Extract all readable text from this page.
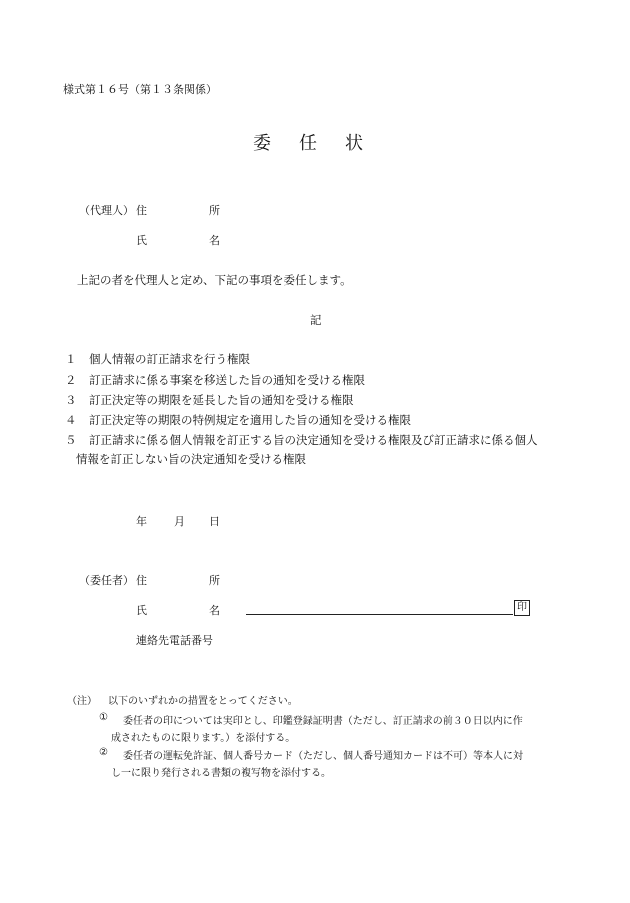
様式第１６号（第１３条関係）
委 任 状
（代理人） 住	所
氏	名
上記の者を代理人と定め、下記の事項を委任します。
記
１ 個人情報の訂正請求を行う権限
２ 訂正請求に係る事案を移送した旨の通知を受ける権限
３ 訂正決定等の期限を延長した旨の通知を受ける権限
４ 訂正決定等の期限の特例規定を適用した旨の通知を受ける権限
５ 訂正請求に係る個人情報を訂正する旨の決定通知を受ける権限及び訂正請求に係る個人
情報を訂正しない旨の決定通知を受ける権限
年 月 日
（委任者） 住	所
氏	名	印
連絡先電話番号
（注） 以下のいずれかの措置をとってください。
① 委任者の印については実印とし、印鑑登録証明書（ただし、訂正請求の前３０日以内に作
成されたものに限ります。）を添付する。
② 委任者の運転免許証、個人番号カード（ただし、個人番号通知カードは不可）等本人に対
し一に限り発行される書類の複写物を添付する。
